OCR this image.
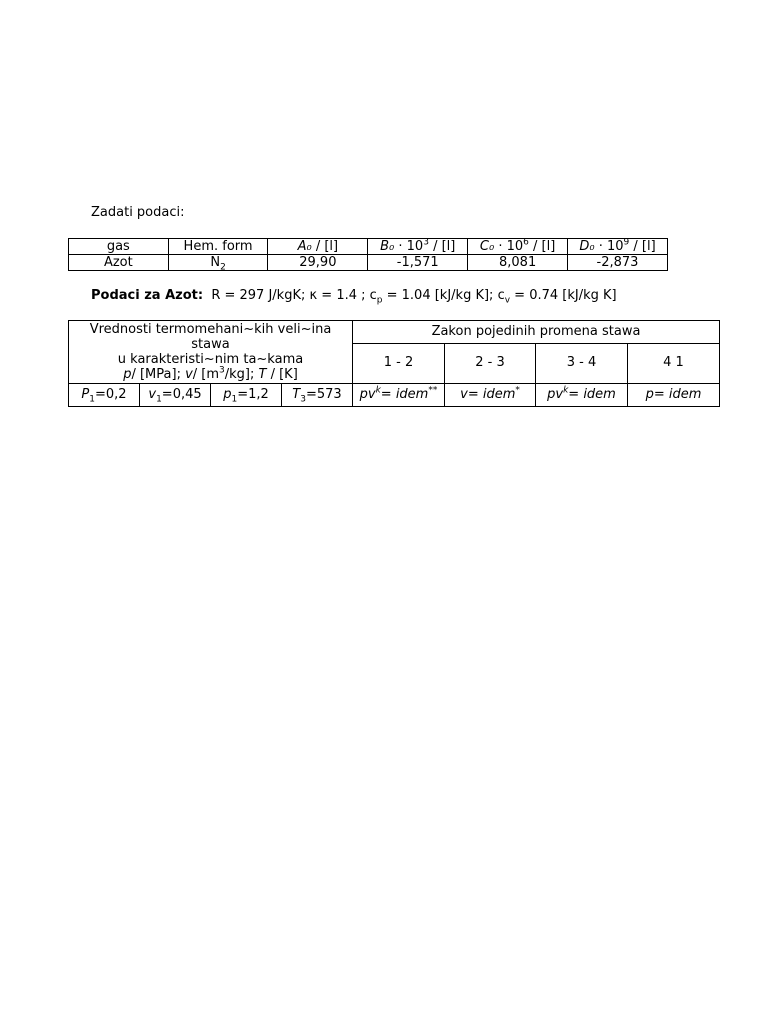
Zadati podaci:
gas	Hem. form	A₀ / [l]	$B_0 \cdot 10^3 / [l]$	$C_0 \cdot 10^6 / [l]$	$D_0 \cdot 10^9 / [l]$
Azot	$N_2$	29,90	-1,571	8,081	-2,873
Podaci za Azot: R = 297 J/kgK; κ = 1.4 ; $c_p = 1.04$ [kJ/kg K]; $c_v = 0.74$ [kJ/kg K]
Vrednosti termomehani~kih veli~ina stawa
u karakteristi~nim ta~kama
p/ [MPa]; v/ $[m^3/kg]$; T / [K]				Zakon pojedinih promena stawa			
				1 - 2	2 - 3	3 - 4	4 1
$P_1=0,2$	$v_1=0,45$	$p_1=1,2$	$T_3=573$	$pv^k=$ idem**	v= idem*	$pv^k=$ idem	p= idem
